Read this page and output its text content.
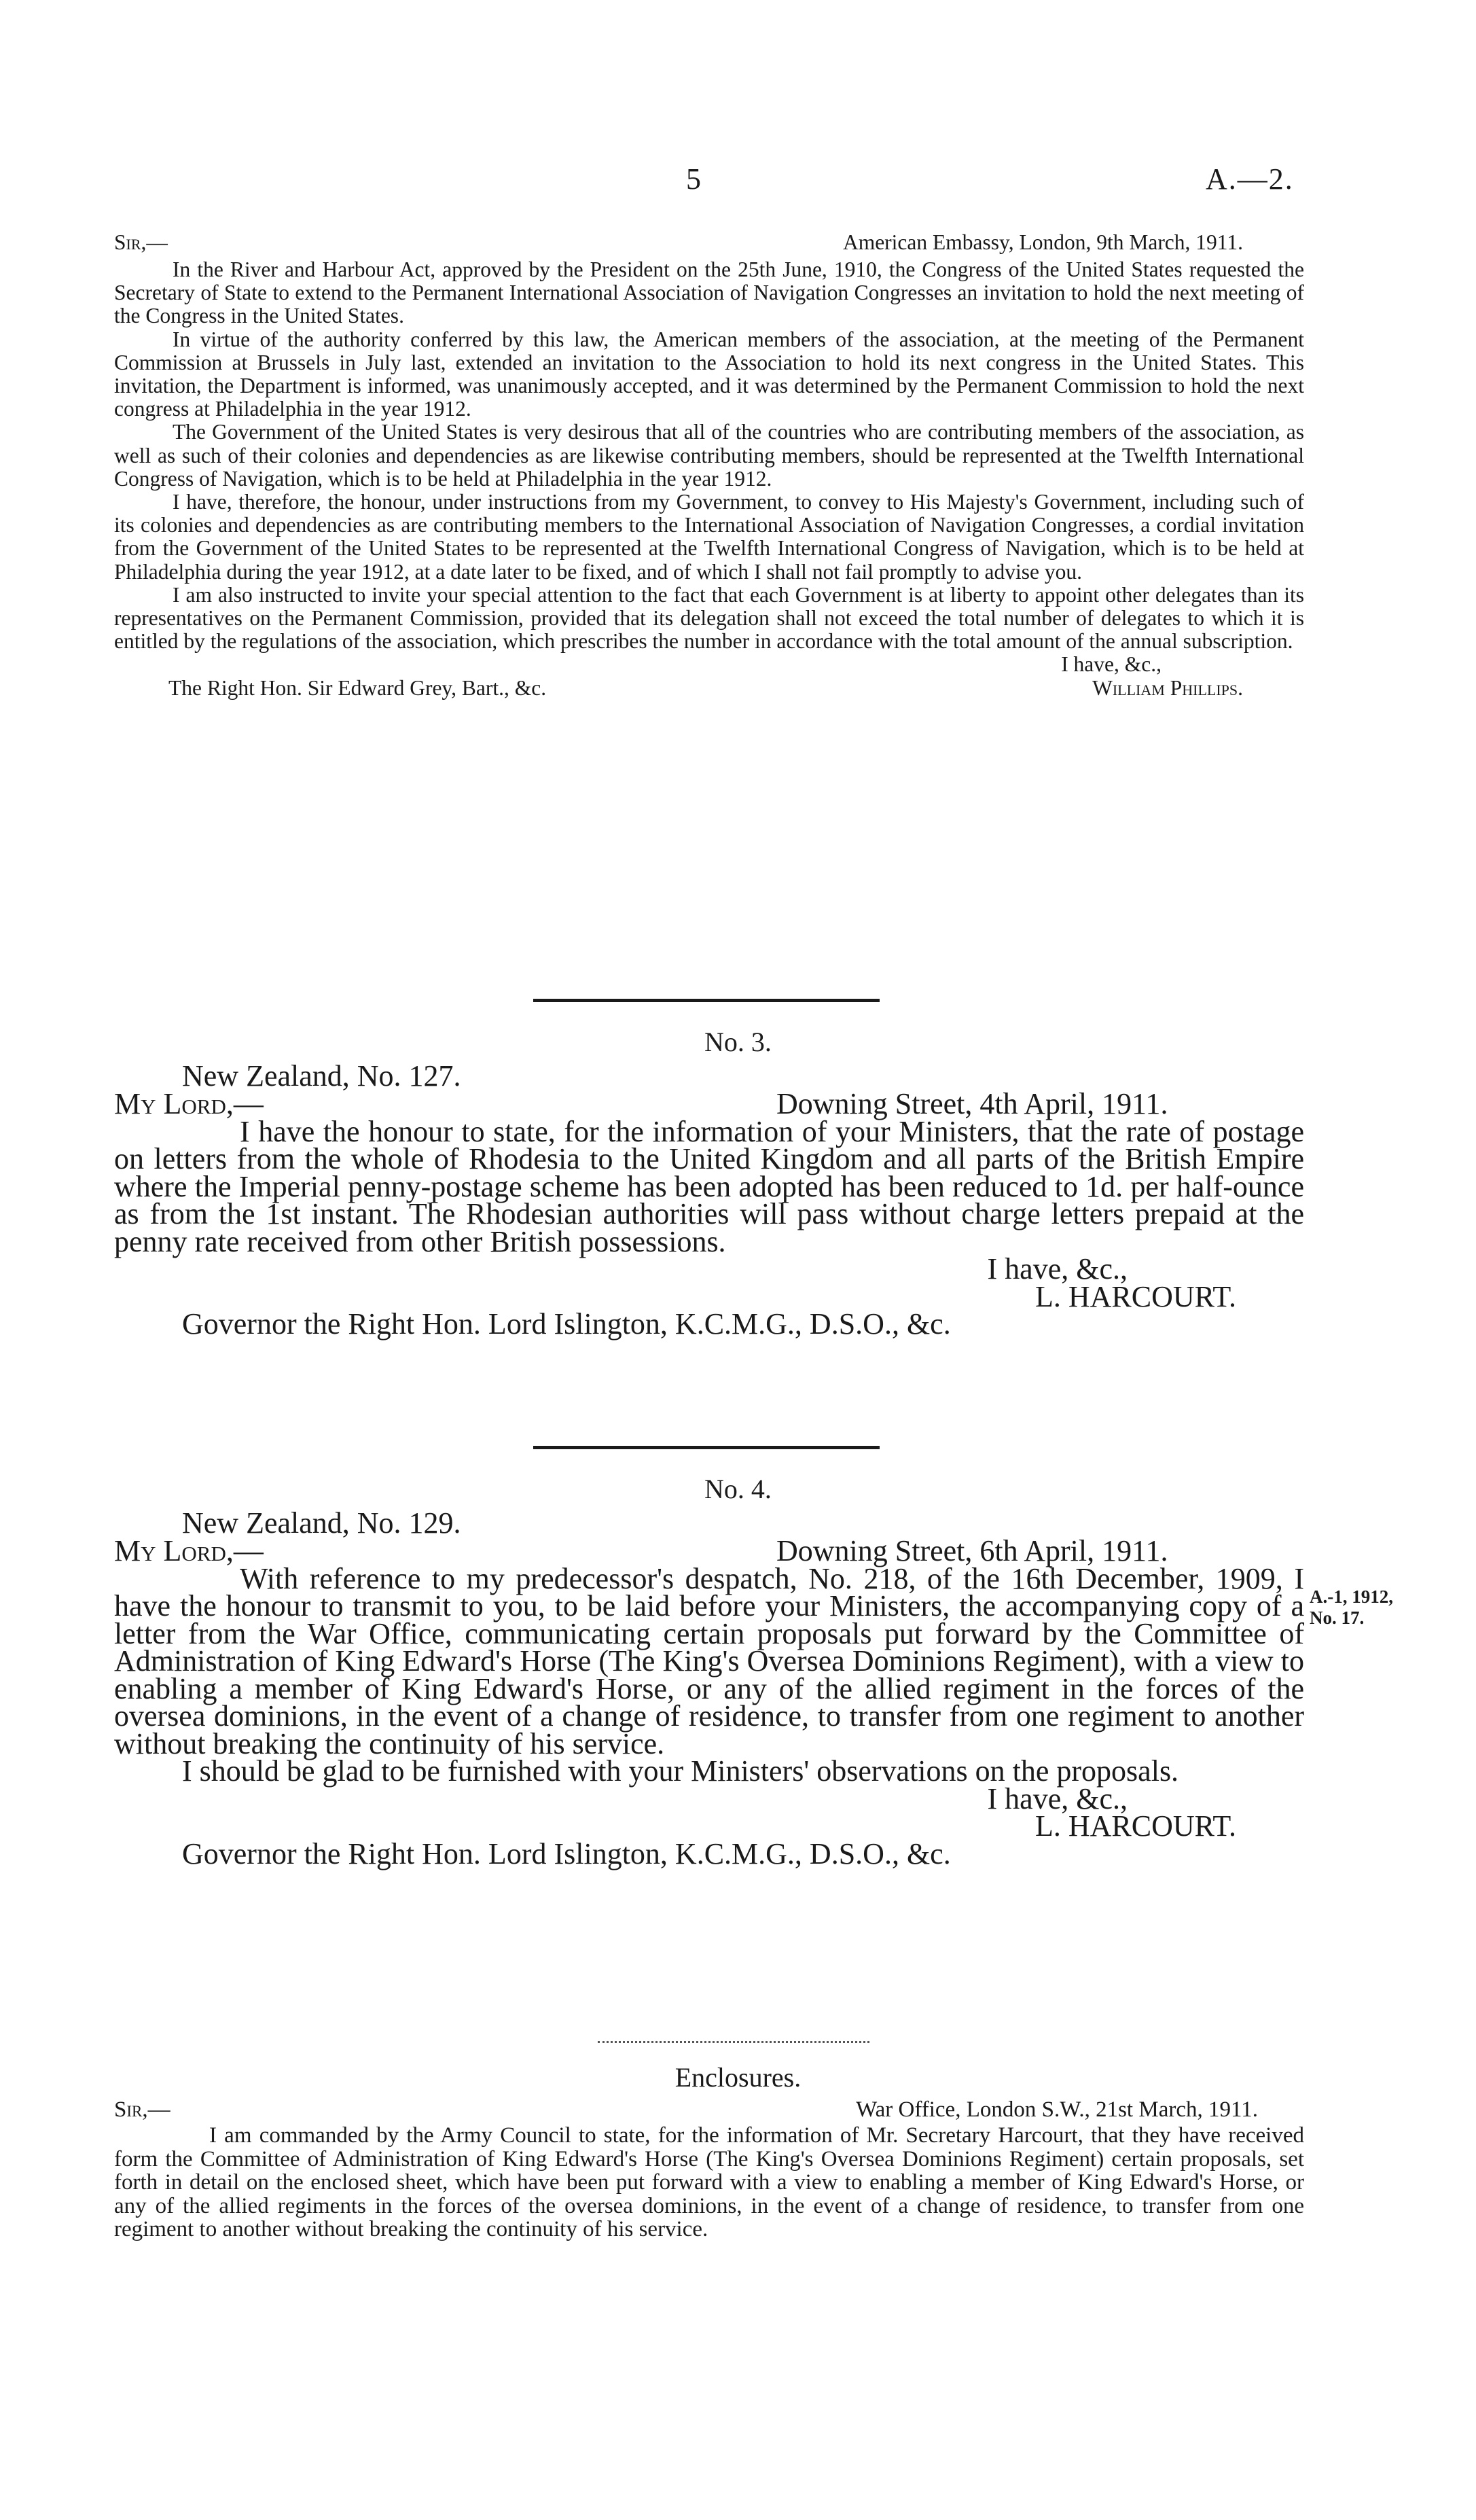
5	A.—2.
Sir,—	American Embassy, London, 9th March, 1911.

In the River and Harbour Act, approved by the President on the 25th June, 1910, the Congress of the United States requested the Secretary of State to extend to the Permanent International Association of Navigation Congresses an invitation to hold the next meeting of the Congress in the United States.

In virtue of the authority conferred by this law, the American members of the association, at the meeting of the Permanent Commission at Brussels in July last, extended an invitation to the Association to hold its next congress in the United States. This invitation, the Department is informed, was unanimously accepted, and it was determined by the Permanent Commission to hold the next congress at Philadelphia in the year 1912.

The Government of the United States is very desirous that all of the countries who are contributing members of the association, as well as such of their colonies and dependencies as are likewise contributing members, should be represented at the Twelfth International Congress of Navigation, which is to be held at Philadelphia in the year 1912.

I have, therefore, the honour, under instructions from my Government, to convey to His Majesty's Government, including such of its colonies and dependencies as are contributing members to the International Association of Navigation Congresses, a cordial invitation from the Government of the United States to be represented at the Twelfth International Congress of Navigation, which is to be held at Philadelphia during the year 1912, at a date later to be fixed, and of which I shall not fail promptly to advise you.

I am also instructed to invite your special attention to the fact that each Government is at liberty to appoint other delegates than its representatives on the Permanent Commission, provided that its delegation shall not exceed the total number of delegates to which it is entitled by the regulations of the association, which prescribes the number in accordance with the total amount of the annual subscription.

I have, &c.,
The Right Hon. Sir Edward Grey, Bart., &c.	William Phillips.
No. 3.
New Zealand, No. 127.
My Lord,—	Downing Street, 4th April, 1911.

I have the honour to state, for the information of your Ministers, that the rate of postage on letters from the whole of Rhodesia to the United Kingdom and all parts of the British Empire where the Imperial penny-postage scheme has been adopted has been reduced to 1d. per half-ounce as from the 1st instant. The Rhodesian authorities will pass without charge letters prepaid at the penny rate received from other British possessions.

I have, &c.,
L. HARCOURT.
Governor the Right Hon. Lord Islington, K.C.M.G., D.S.O., &c.
No. 4.
New Zealand, No. 129.
My Lord,—	Downing Street, 6th April, 1911.

With reference to my predecessor's despatch, No. 218, of the 16th December, 1909, I have the honour to transmit to you, to be laid before your Ministers, the accompanying copy of a letter from the War Office, communicating certain proposals put forward by the Committee of Administration of King Edward's Horse (The King's Oversea Dominions Regiment), with a view to enabling a member of King Edward's Horse, or any of the allied regiment in the forces of the oversea dominions, in the event of a change of residence, to transfer from one regiment to another without breaking the continuity of his service.

I should be glad to be furnished with your Ministers' observations on the proposals.

I have, &c.,
L. HARCOURT.
Governor the Right Hon. Lord Islington, K.C.M.G., D.S.O., &c.
A.-1, 1912,
No. 17.
Enclosures.
Sir,—	War Office, London S.W., 21st March, 1911.

I am commanded by the Army Council to state, for the information of Mr. Secretary Harcourt, that they have received form the Committee of Administration of King Edward's Horse (The King's Oversea Dominions Regiment) certain proposals, set forth in detail on the enclosed sheet, which have been put forward with a view to enabling a member of King Edward's Horse, or any of the allied regiments in the forces of the oversea dominions, in the event of a change of residence, to transfer from one regiment to another without breaking the continuity of his service.
